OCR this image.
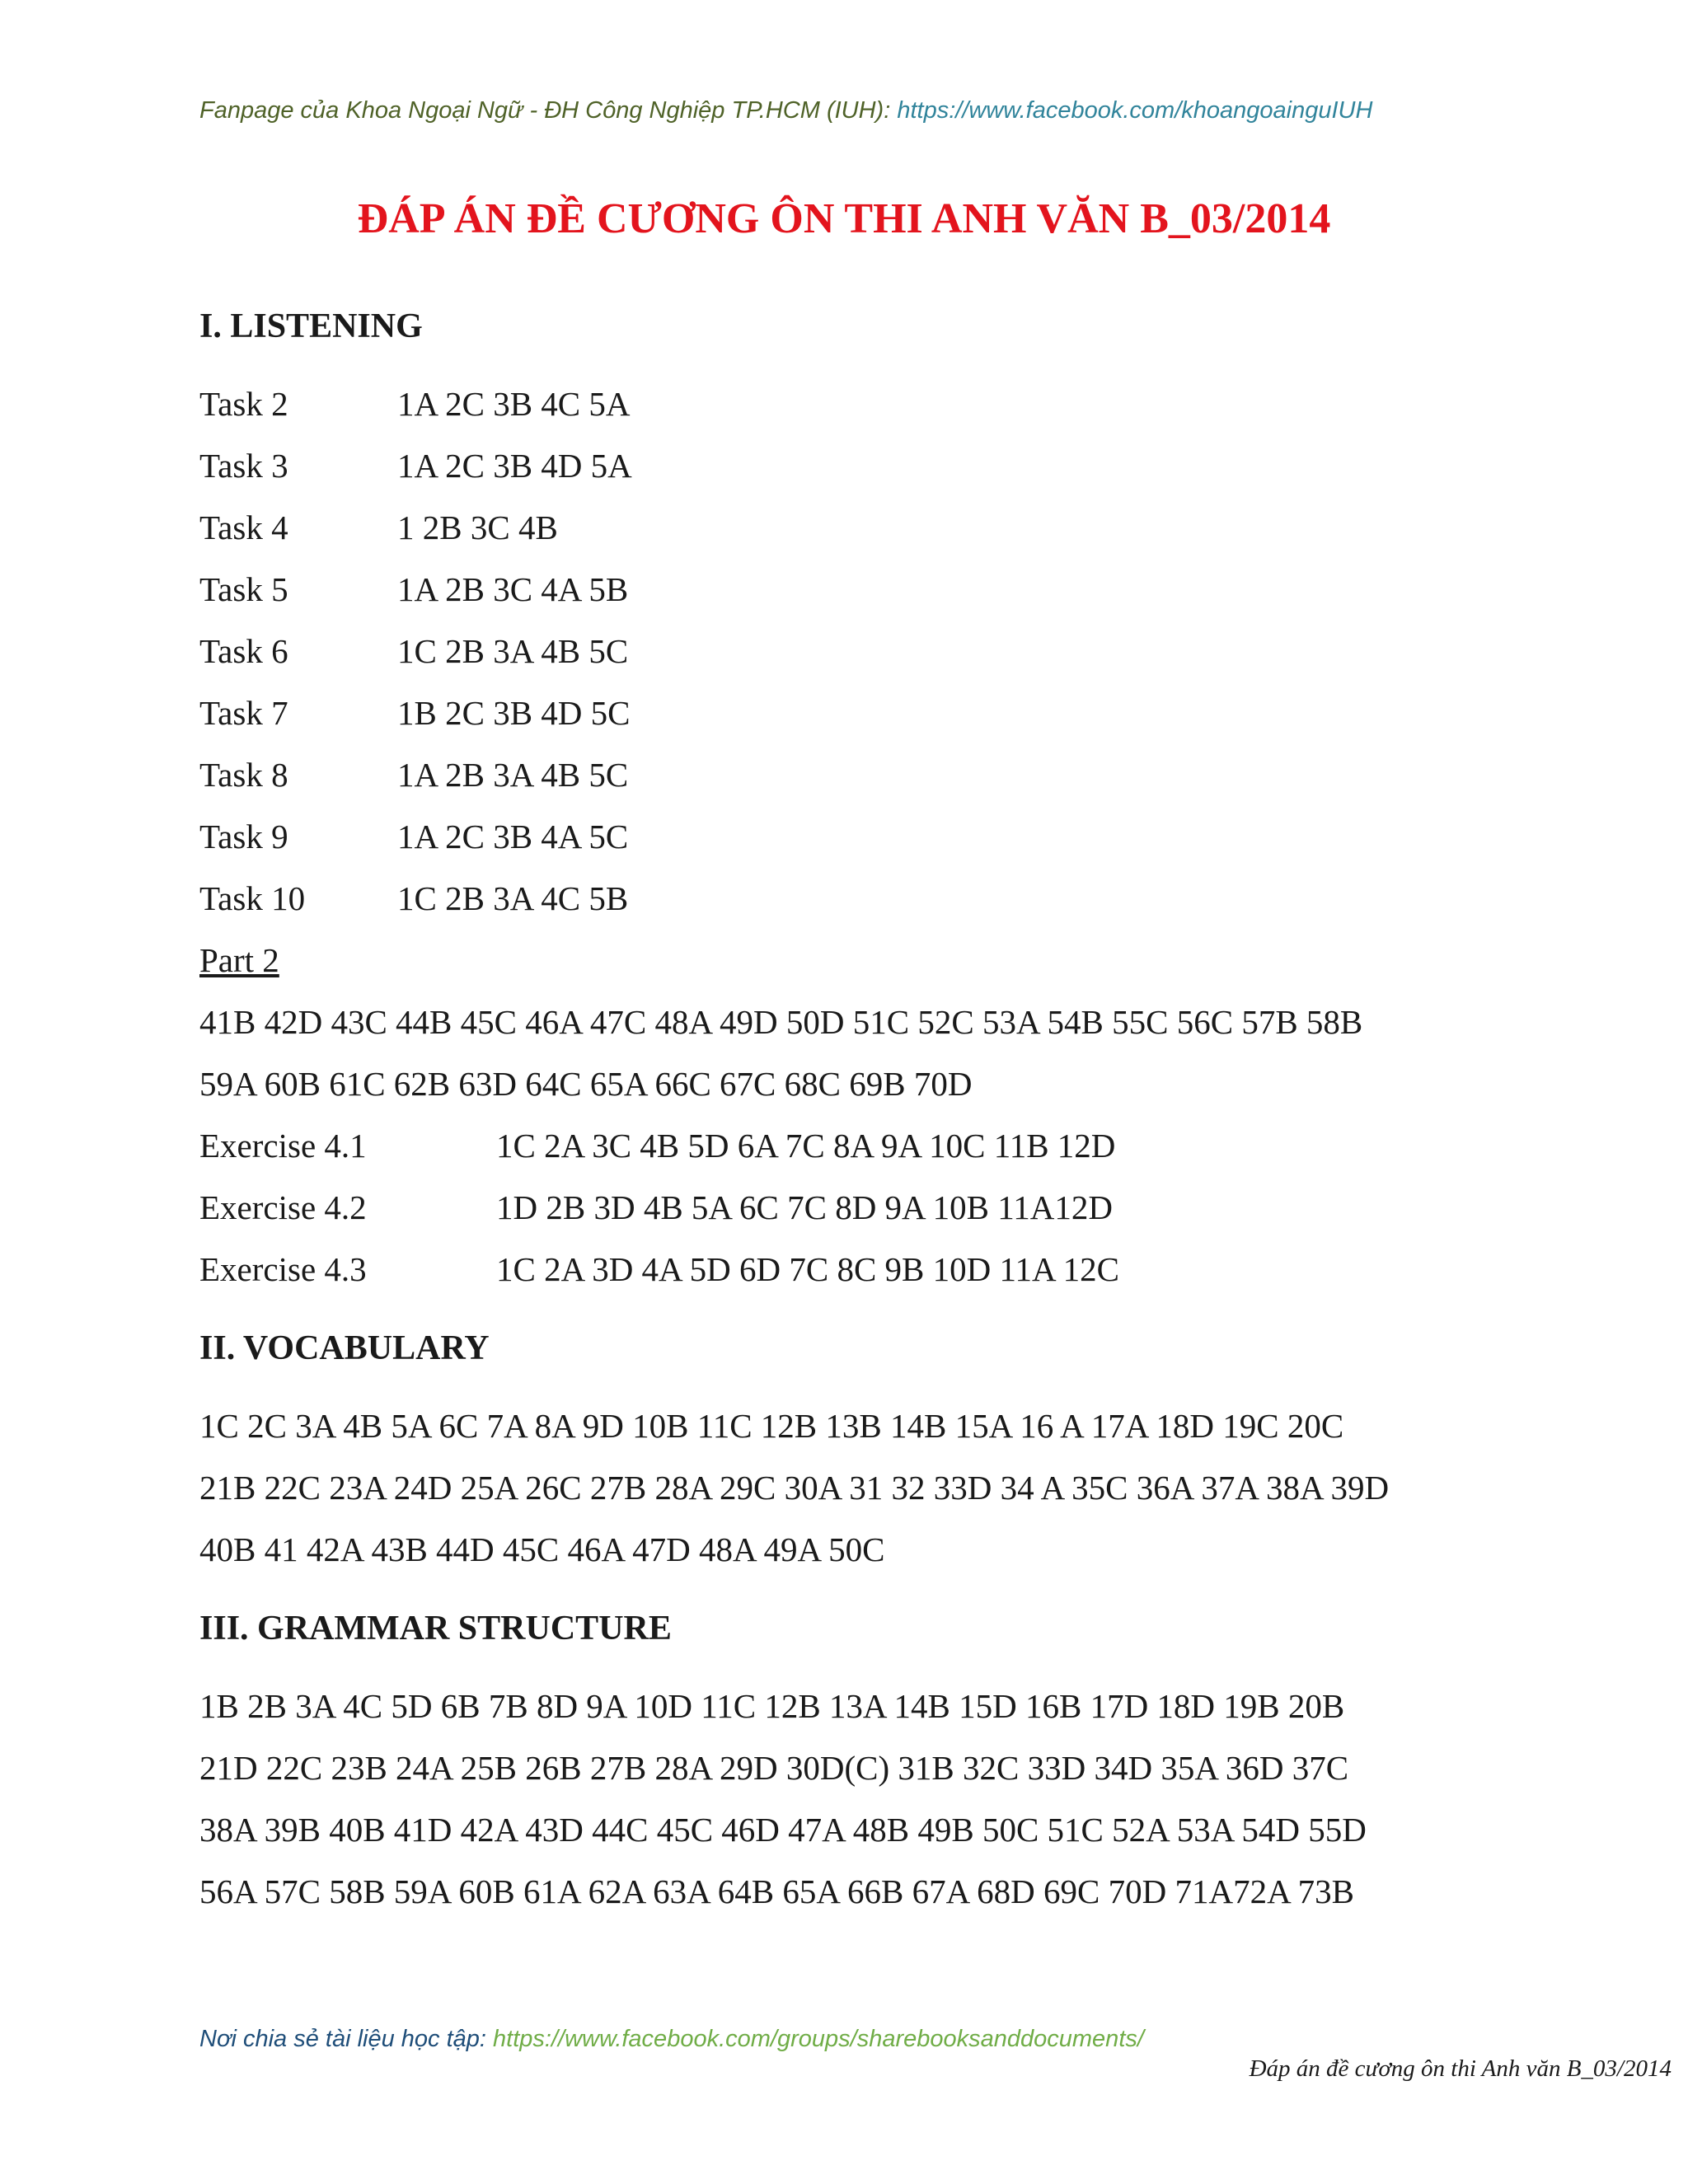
Fanpage của Khoa Ngoại Ngữ - ĐH Công Nghiệp TP.HCM (IUH): https://www.facebook.com/khoangoainguIUH
ĐÁP ÁN ĐỀ CƯƠNG ÔN THI ANH VĂN B_03/2014
I. LISTENING
Task 2	1A 2C 3B 4C 5A
Task 3	1A 2C 3B 4D 5A
Task 4	1 2B 3C 4B
Task 5	1A 2B 3C 4A 5B
Task 6	1C 2B 3A 4B 5C
Task 7	1B 2C 3B 4D 5C
Task 8	1A 2B 3A 4B 5C
Task 9	1A 2C 3B 4A 5C
Task 10	1C 2B 3A 4C 5B
Part 2
41B 42D 43C 44B 45C 46A 47C 48A 49D 50D 51C 52C 53A 54B 55C 56C 57B 58B
59A 60B 61C 62B 63D 64C 65A 66C 67C 68C 69B 70D
Exercise 4.1	1C 2A 3C 4B 5D 6A 7C 8A 9A 10C 11B 12D
Exercise 4.2	1D 2B 3D 4B 5A 6C 7C 8D 9A 10B 11A12D
Exercise 4.3	1C 2A 3D 4A 5D 6D 7C 8C 9B 10D 11A 12C
II. VOCABULARY
1C 2C 3A 4B 5A 6C 7A 8A 9D 10B 11C 12B 13B 14B 15A 16 A 17A 18D 19C 20C
21B 22C 23A 24D 25A 26C 27B 28A 29C 30A 31 32 33D 34 A 35C 36A 37A 38A 39D
40B 41 42A 43B 44D 45C 46A 47D 48A 49A 50C
III. GRAMMAR STRUCTURE
1B 2B 3A 4C 5D 6B 7B 8D 9A 10D 11C 12B 13A 14B 15D 16B 17D 18D 19B 20B
21D 22C 23B 24A 25B 26B 27B 28A 29D 30D(C) 31B 32C 33D 34D 35A 36D 37C
38A 39B 40B 41D 42A 43D 44C 45C 46D 47A 48B 49B 50C 51C 52A 53A 54D 55D
56A 57C 58B 59A 60B 61A 62A 63A 64B 65A 66B 67A 68D 69C 70D 71A72A 73B
Nơi chia sẻ tài liệu học tập: https://www.facebook.com/groups/sharebooksanddocuments/
Đáp án đề cương ôn thi Anh văn B_03/2014
